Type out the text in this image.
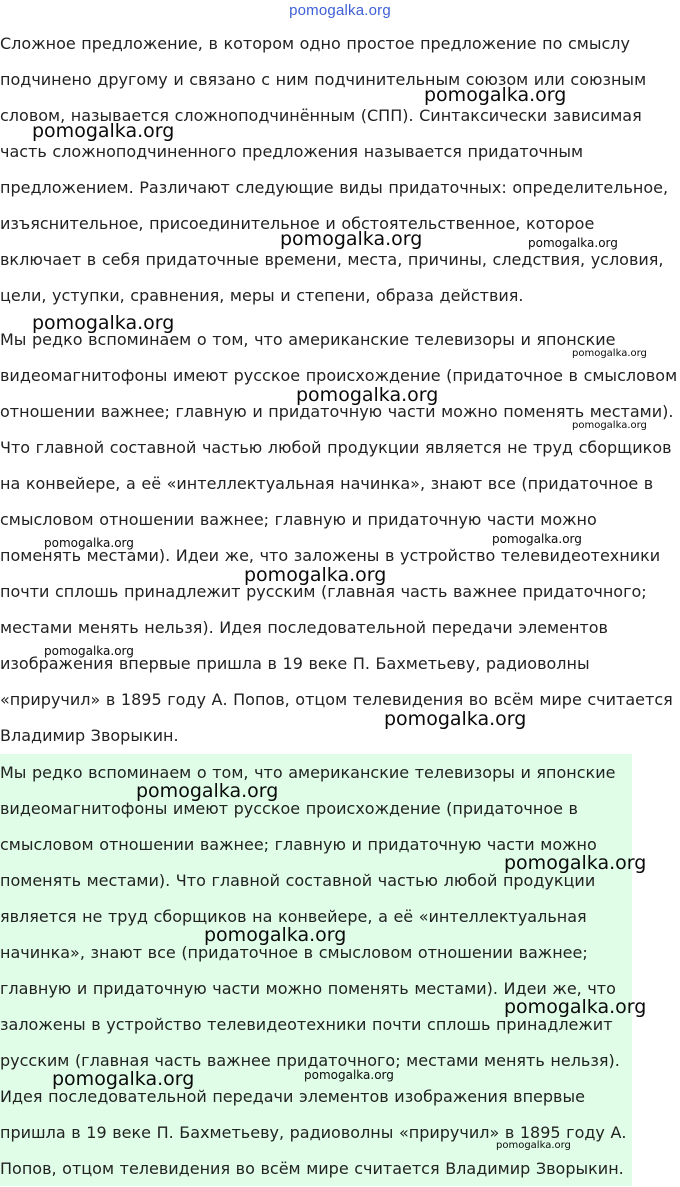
pomogalka.org

Сложное предложение, в котором одно простое предложение по смыслу подчинено другому и связано с ним подчинительным союзом или союзным словом, называется сложноподчинённым (СПП). Синтаксически зависимая часть сложноподчиненного предложения называется придаточным предложением. Различают следующие виды придаточных: определительное, изъяснительное, присоединительное и обстоятельственное, которое включает в себя придаточные времени, места, причины, следствия, условия, цели, уступки, сравнения, меры и степени, образа действия.

Мы редко вспоминаем о том, что американские телевизоры и японские видеомагнитофоны имеют русское происхождение (придаточное в смысловом отношении важнее; главную и придаточную части можно поменять местами). Что главной составной частью любой продукции является не труд сборщиков на конвейере, а её «интеллектуальная начинка», знают все (придаточное в смысловом отношении важнее; главную и придаточную части можно поменять местами). Идеи же, что заложены в устройство телевидеотехники почти сплошь принадлежит русским (главная часть важнее придаточного; местами менять нельзя). Идея последовательной передачи элементов изображения впервые пришла в 19 веке П. Бахметьеву, радиоволны «приручил» в 1895 году А. Попов, отцом телевидения во всём мире считается Владимир Зворыкин.

Мы редко вспоминаем о том, что американские телевизоры и японские видеомагнитофоны имеют русское происхождение (придаточное в смысловом отношении важнее; главную и придаточную части можно поменять местами). Что главной составной частью любой продукции является не труд сборщиков на конвейере, а её «интеллектуальная начинка», знают все (придаточное в смысловом отношении важнее; главную и придаточную части можно поменять местами). Идеи же, что заложены в устройство телевидеотехники почти сплошь принадлежит русским (главная часть важнее придаточного; местами менять нельзя). Идея последовательной передачи элементов изображения впервые пришла в 19 веке П. Бахметьеву, радиоволны «приручил» в 1895 году А. Попов, отцом телевидения во всём мире считается Владимир Зворыкин.

pomogalka.org
pomogalka.org
pomogalka.org	pomogalka.org
pomogalka.org
pomogalka.org
pomogalka.org
pomogalka.org
pomogalka.org	pomogalka.org
pomogalka.org
pomogalka.org
pomogalka.org
pomogalka.org
pomogalka.org
pomogalka.org
pomogalka.org
pomogalka.org	pomogalka.org
pomogalka.org
